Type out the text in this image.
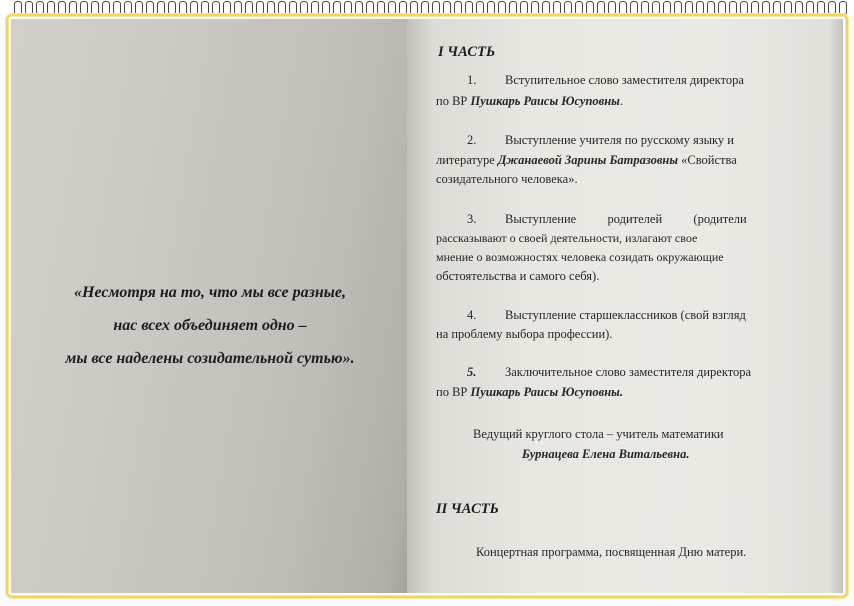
«Несмотря на то, что мы все разные,
нас всех объединяет одно –
мы все наделены созидательной сутью».
I ЧАСТЬ
1. Вступительное слово заместителя директора
по ВР Пушкарь Раисы Юсуповны.
2. Выступление учителя по русскому языку и
литературе Джанаевой Зарины Батразовны «Свойства
созидательного человека».
3. Выступление          родителей          (родители
рассказывают о своей деятельности, излагают свое
мнение о возможностях человека созидать окружающие
обстоятельства и самого себя).
4. Выступление старшеклассников (свой взгляд
на проблему выбора профессии).
5. Заключительное слово заместителя директора
по ВР Пушкарь Раисы Юсуповны.
Ведущий круглого стола – учитель математики
Бурнацева Елена Витальевна.
II ЧАСТЬ
Концертная программа, посвященная Дню матери.
